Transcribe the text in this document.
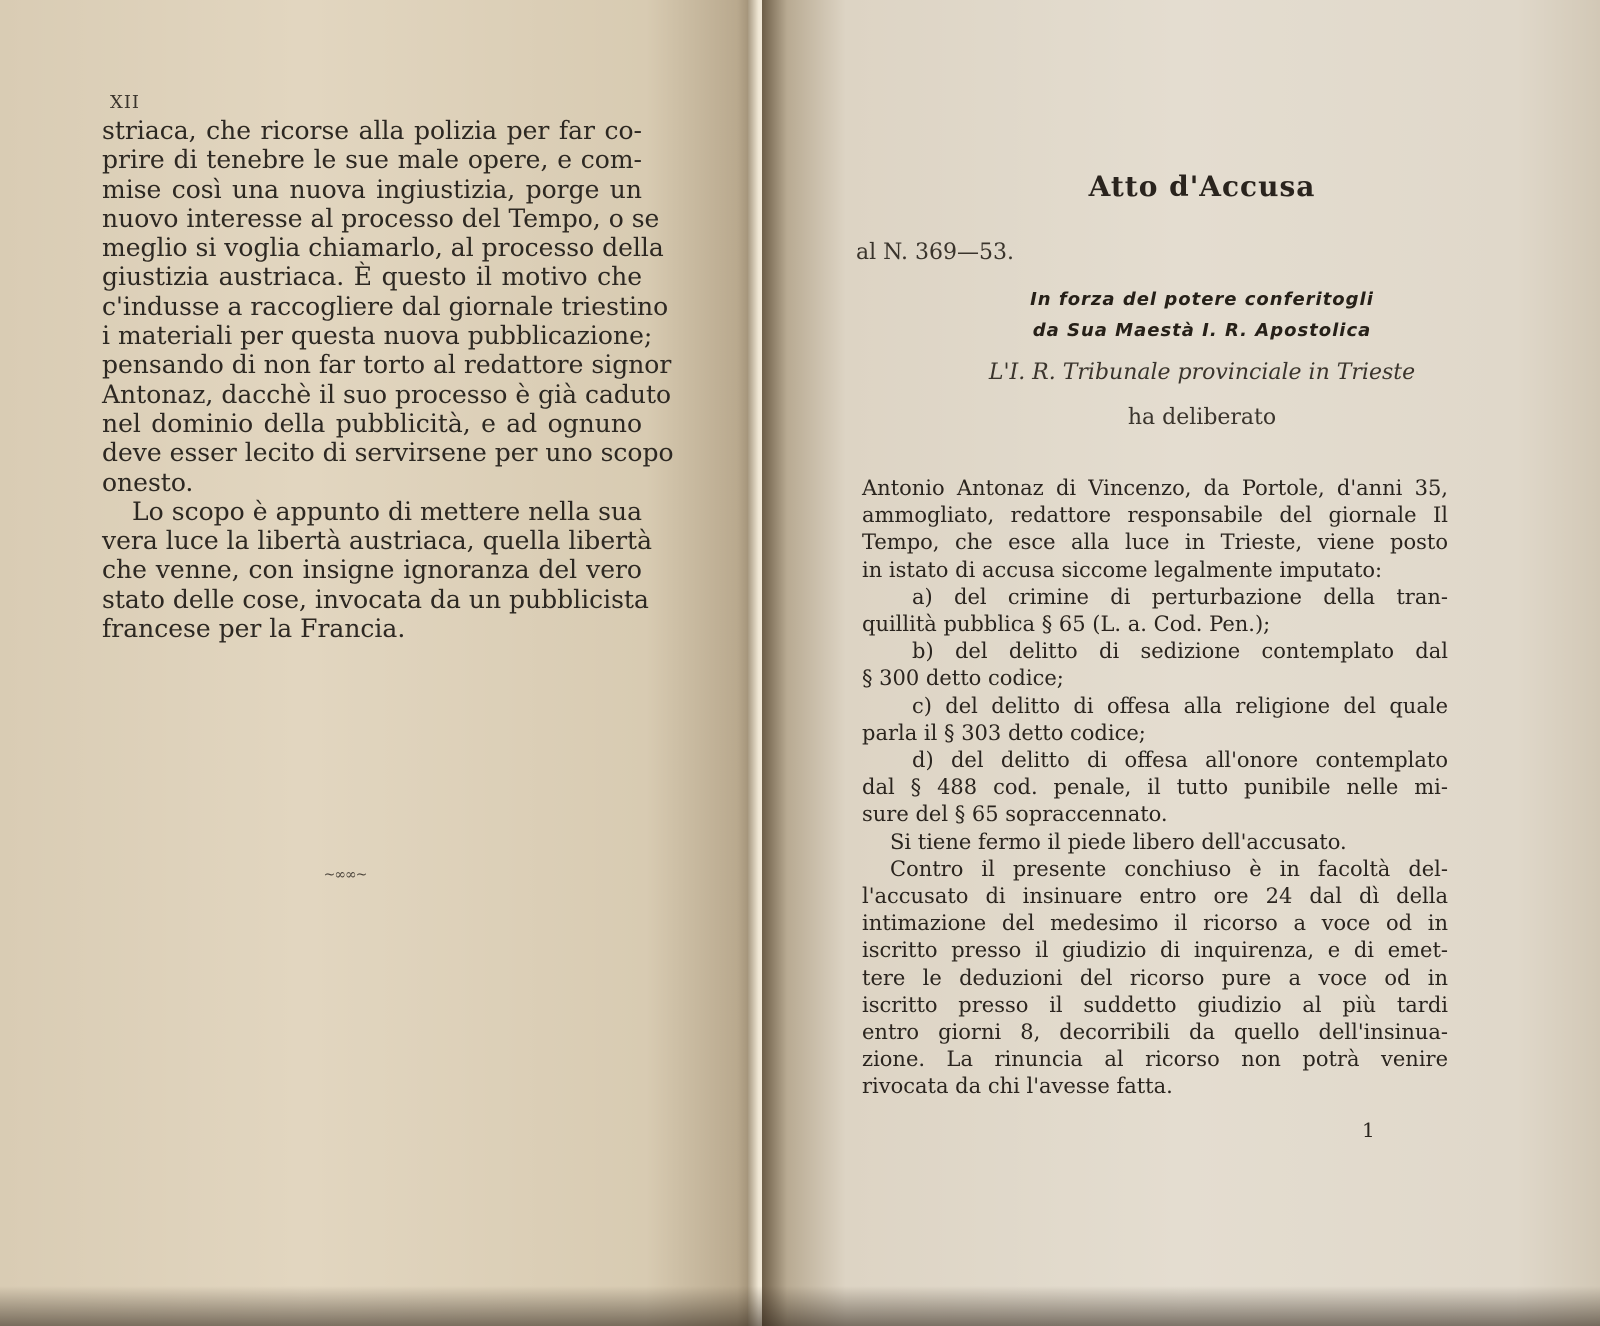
XII
striaca, che ricorse alla polizia per far co-
prire di tenebre le sue male opere, e com-
mise così una nuova ingiustizia, porge un
nuovo interesse al processo del Tempo, o se
meglio si voglia chiamarlo, al processo della
giustizia austriaca. È questo il motivo che
c'indusse a raccogliere dal giornale triestino
i materiali per questa nuova pubblicazione;
pensando di non far torto al redattore signor
Antonaz, dacchè il suo processo è già caduto
nel dominio della pubblicità, e ad ognuno
deve esser lecito di servirsene per uno scopo
onesto.
Lo scopo è appunto di mettere nella sua
vera luce la libertà austriaca, quella libertà
che venne, con insigne ignoranza del vero
stato delle cose, invocata da un pubblicista
francese per la Francia.
~∞∞~
Atto d'Accusa
al N. 369—53.
In forza del potere conferitogli
da Sua Maestà I. R. Apostolica
L'I. R. Tribunale provinciale in Trieste
ha deliberato
Antonio Antonaz di Vincenzo, da Portole, d'anni 35,
ammogliato, redattore responsabile del giornale Il
Tempo, che esce alla luce in Trieste, viene posto
in istato di accusa siccome legalmente imputato:
a) del crimine di perturbazione della tran-
quillità pubblica § 65 (L. a. Cod. Pen.);
b) del delitto di sedizione contemplato dal
§ 300 detto codice;
c) del delitto di offesa alla religione del quale
parla il § 303 detto codice;
d) del delitto di offesa all'onore contemplato
dal § 488 cod. penale, il tutto punibile nelle mi-
sure del § 65 sopraccennato.
Si tiene fermo il piede libero dell'accusato.
Contro il presente conchiuso è in facoltà del-
l'accusato di insinuare entro ore 24 dal dì della
intimazione del medesimo il ricorso a voce od in
iscritto presso il giudizio di inquirenza, e di emet-
tere le deduzioni del ricorso pure a voce od in
iscritto presso il suddetto giudizio al più tardi
entro giorni 8, decorribili da quello dell'insinua-
zione. La rinuncia al ricorso non potrà venire
rivocata da chi l'avesse fatta.
1
